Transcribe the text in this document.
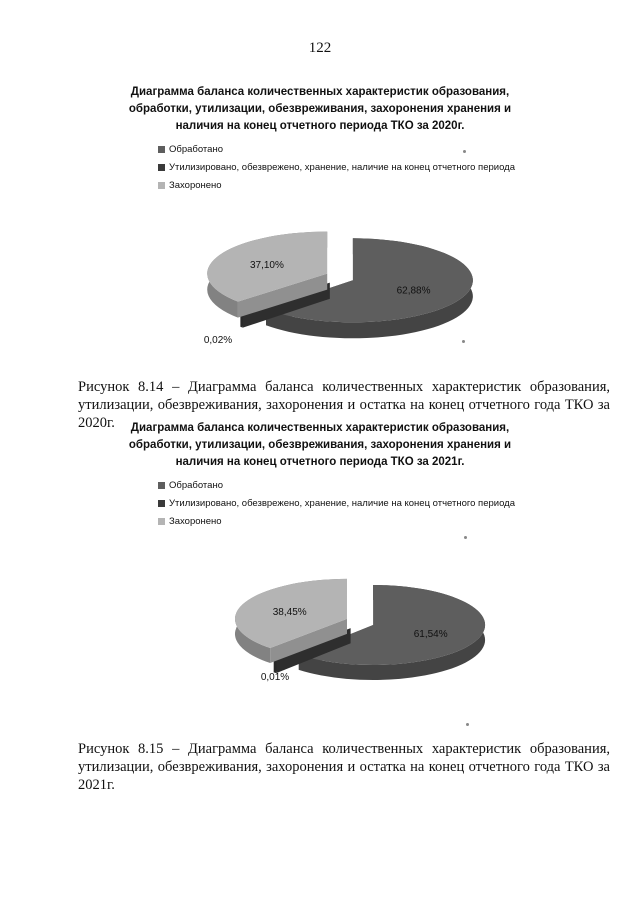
122
Диаграмма баланса количественных характеристик образования,
обработки, утилизации, обезвреживания, захоронения хранения и
наличия на конец отчетного периода ТКО за 2020г.
Обработано
Утилизировано, обезврежено, хранение, наличие на конец отчетного периода
Захоронено
62,88%
0,02%
37,10%
Рисунок 8.14 – Диаграмма баланса количественных характеристик образования, утилизации, обезвреживания, захоронения и остатка на конец отчетного года ТКО за 2020г.	Диаграмма баланса количественных характеристик образования,
обработки, утилизации, обезвреживания, захоронения хранения и
наличия на конец отчетного периода ТКО за 2021г.
Обработано
Утилизировано, обезврежено, хранение, наличие на конец отчетного периода
Захоронено
61,54%
0,01%
38,45%
Рисунок 8.15 – Диаграмма баланса количественных характеристик образования, утилизации, обезвреживания, захоронения и остатка на конец отчетного года ТКО за 2021г.
